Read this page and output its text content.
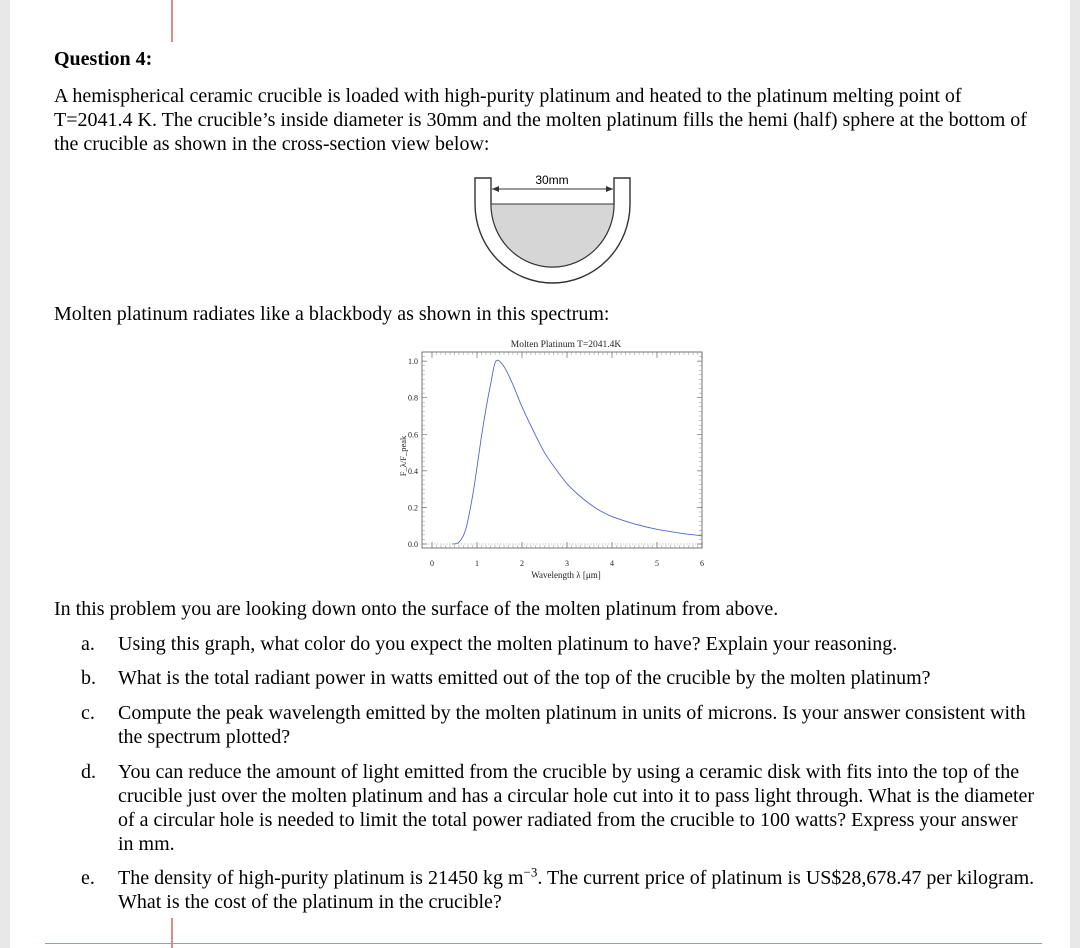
Question 4:
A hemispherical ceramic crucible is loaded with high-purity platinum and heated to the platinum melting point of T=2041.4 K. The crucible’s inside diameter is 30mm and the molten platinum fills the hemi (half) sphere at the bottom of the crucible as shown in the cross-section view below:
30mm
Molten platinum radiates like a blackbody as shown in this spectrum:
Molten Platinum T=2041.4K
0.0
0.2
0.4
0.6
0.8
1.0
0	1	2	3	4	5	6
Wavelength λ [μm]
F_λ/F_peak
In this problem you are looking down onto the surface of the molten platinum from above.
a. Using this graph, what color do you expect the molten platinum to have? Explain your reasoning.
b. What is the total radiant power in watts emitted out of the top of the crucible by the molten platinum?
c. Compute the peak wavelength emitted by the molten platinum in units of microns. Is your answer consistent with the spectrum plotted?
d. You can reduce the amount of light emitted from the crucible by using a ceramic disk with fits into the top of the crucible just over the molten platinum and has a circular hole cut into it to pass light through. What is the diameter of a circular hole is needed to limit the total power radiated from the crucible to 100 watts? Express your answer in mm.
e. The density of high-purity platinum is 21450 kg $m^{-3}$. The current price of platinum is US$28,678.47 per kilogram. What is the cost of the platinum in the crucible?
